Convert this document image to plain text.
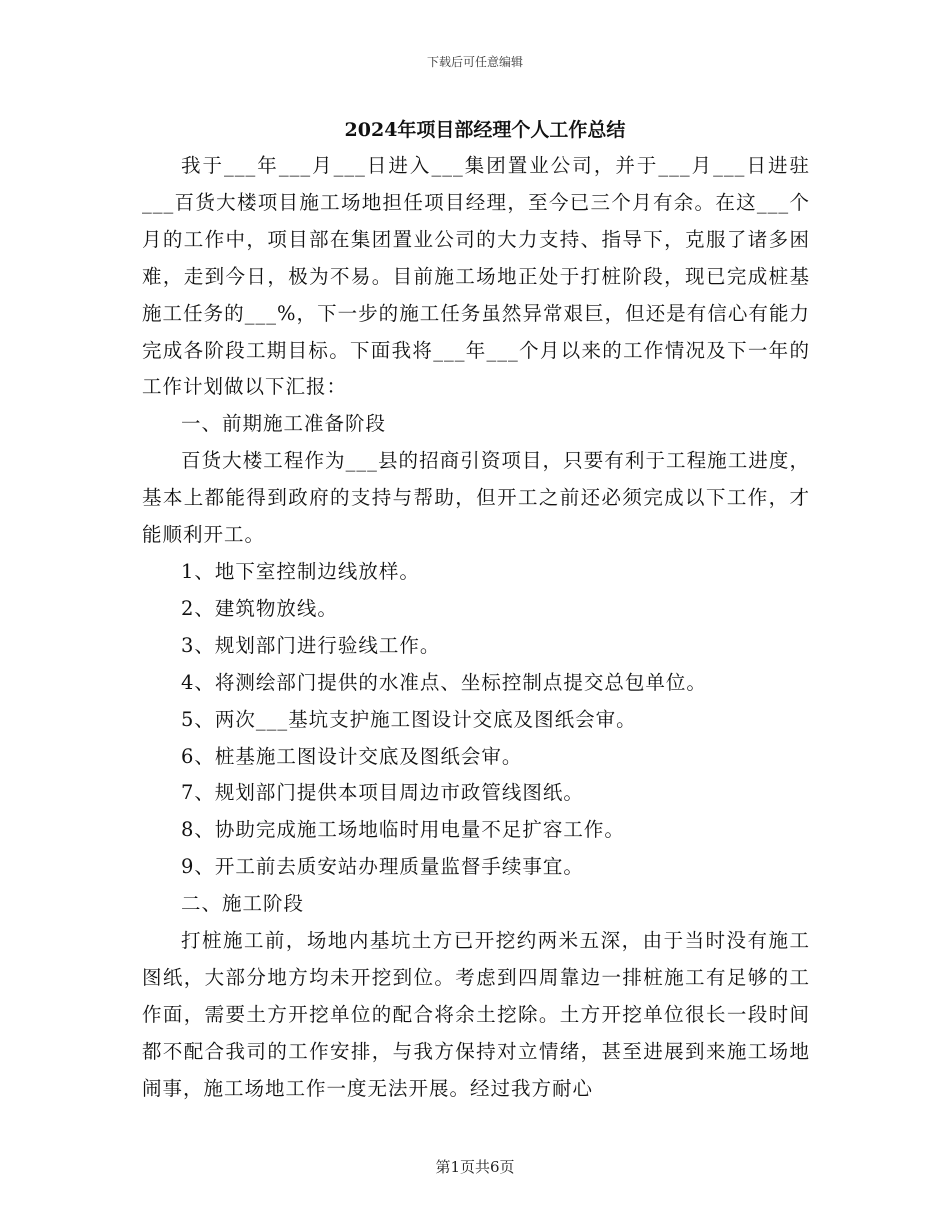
下载后可任意编辑
2024年项目部经理个人工作总结

我于___年___月___日进入___集团置业公司，并于___月___日进驻___百货大楼项目施工场地担任项目经理，至今已三个月有余。在这___个月的工作中，项目部在集团置业公司的大力支持、指导下，克服了诸多困难，走到今日，极为不易。目前施工场地正处于打桩阶段，现已完成桩基施工任务的___%，下一步的施工任务虽然异常艰巨，但还是有信心有能力完成各阶段工期目标。下面我将___年___个月以来的工作情况及下一年的工作计划做以下汇报：

一、前期施工准备阶段

百货大楼工程作为___县的招商引资项目，只要有利于工程施工进度，基本上都能得到政府的支持与帮助，但开工之前还必须完成以下工作，才能顺利开工。

1、地下室控制边线放样。

2、建筑物放线。

3、规划部门进行验线工作。

4、将测绘部门提供的水准点、坐标控制点提交总包单位。

5、两次___基坑支护施工图设计交底及图纸会审。

6、桩基施工图设计交底及图纸会审。

7、规划部门提供本项目周边市政管线图纸。

8、协助完成施工场地临时用电量不足扩容工作。

9、开工前去质安站办理质量监督手续事宜。

二、施工阶段

打桩施工前，场地内基坑土方已开挖约两米五深，由于当时没有施工图纸，大部分地方均未开挖到位。考虑到四周靠边一排桩施工有足够的工作面，需要土方开挖单位的配合将余土挖除。土方开挖单位很长一段时间都不配合我司的工作安排，与我方保持对立情绪，甚至进展到来施工场地闹事，施工场地工作一度无法开展。经过我方耐心

第1页共6页
